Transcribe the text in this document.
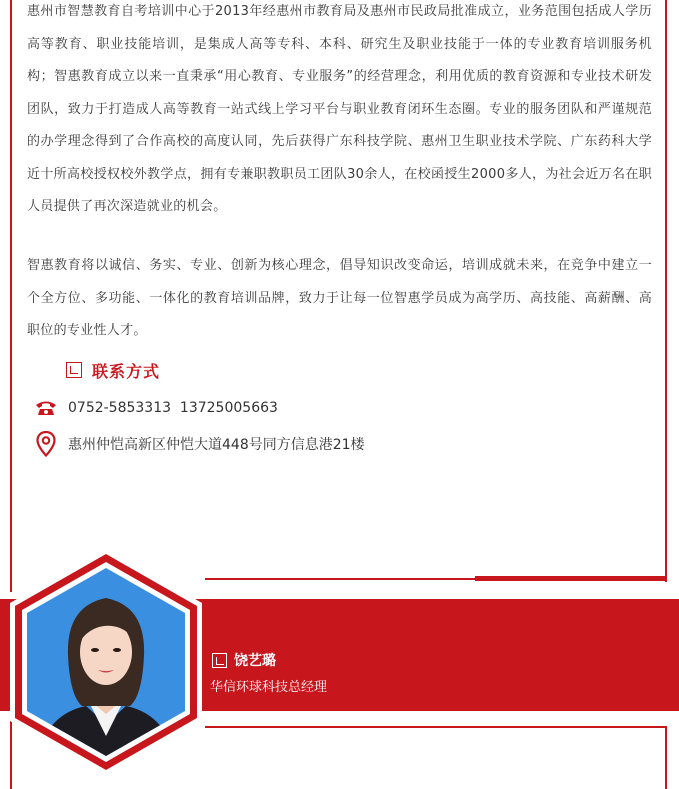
惠州市智慧教育自考培训中心于2013年经惠州市教育局及惠州市民政局批准成立，业务范围包括成人学历高等教育、职业技能培训，是集成人高等专科、本科、研究生及职业技能于一体的专业教育培训服务机构；智惠教育成立以来一直秉承“用心教育、专业服务”的经营理念，利用优质的教育资源和专业技术研发团队，致力于打造成人高等教育一站式线上学习平台与职业教育闭环生态圈。专业的服务团队和严谨规范的办学理念得到了合作高校的高度认同，先后获得广东科技学院、惠州卫生职业技术学院、广东药科大学近十所高校授权校外教学点，拥有专兼职教职员工团队30余人，在校函授生2000多人，为社会近万名在职人员提供了再次深造就业的机会。
智惠教育将以诚信、务实、专业、创新为核心理念，倡导知识改变命运，培训成就未来，在竞争中建立一个全方位、多功能、一体化的教育培训品牌，致力于让每一位智惠学员成为高学历、高技能、高薪酬、高职位的专业性人才。
联系方式
0752-5853313  13725005663
惠州仲恺高新区仲恺大道448号同方信息港21楼
饶艺璐
华信环球科技总经理
